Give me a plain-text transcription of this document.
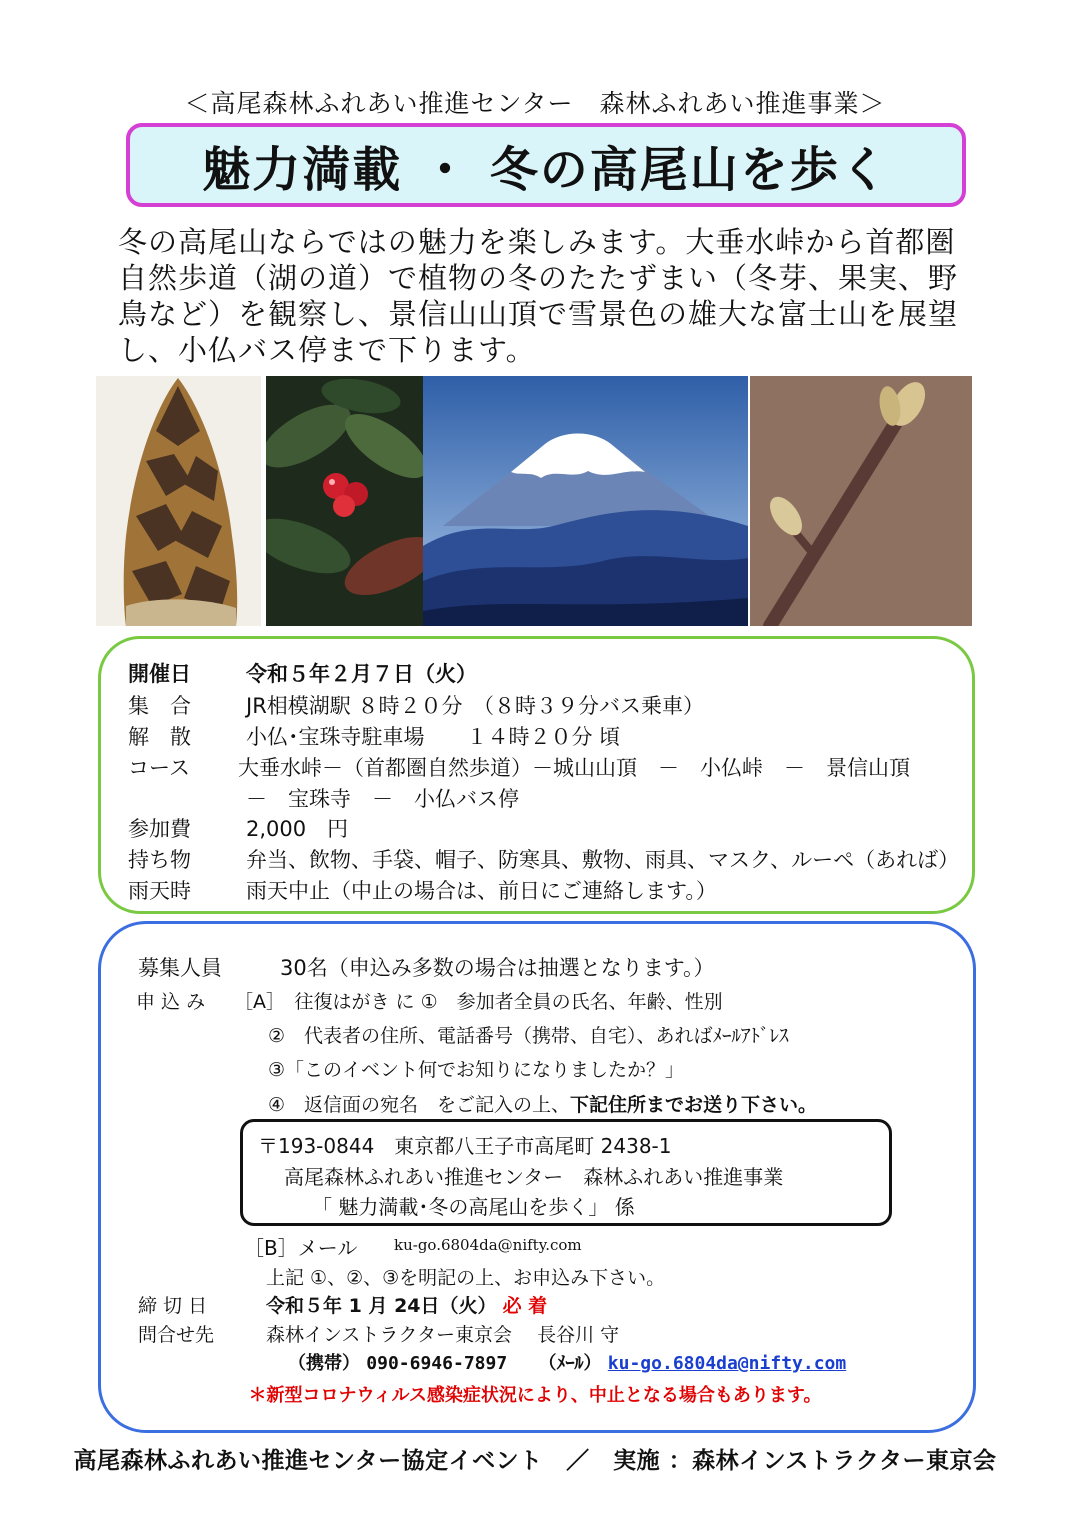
＜高尾森林ふれあい推進センター　森林ふれあい推進事業＞
魅力満載 ・ 冬の高尾山を歩く
冬の高尾山ならではの魅力を楽しみます。大垂水峠から首都圏自然歩道（湖の道）で植物の冬のたたずまい（冬芽、果実、野鳥など）を観察し、景信山山頂で雪景色の雄大な富士山を展望し、小仏バス停まで下ります。
開催日	令和５年２月７日（火）
集　合	JR相模湖駅 ８時２０分　（８時３９分バス乗車）
解　散	小仏･宝珠寺駐車場　　１４時２０分 頃
コース 大垂水峠－（首都圏自然歩道）－城山山頂　－　小仏峠　－　景信山頂
－　宝珠寺　－　小仏バス停
参加費	2,000　円
持ち物	弁当、飲物、手袋、帽子、防寒具、敷物、雨具、マスク、ルーペ（あれば）
雨天時	雨天中止（中止の場合は、前日にご連絡します。）
募集人員	30名（申込み多数の場合は抽選となります。）
申 込 み ［A］　往復はがき に ①　参加者全員の氏名、年齢、性別
②　代表者の住所、電話番号（携帯、自宅）、あればﾒｰﾙｱﾄﾞﾚｽ
③「このイベント何でお知りになりましたか？」
④　返信面の宛名　をご記入の上、下記住所までお送り下さい。
〒193-0844　東京都八王子市高尾町 2438-1
高尾森林ふれあい推進センター　森林ふれあい推進事業
「 魅力満載･冬の高尾山を歩く」 係
［B］メール ku-go.6804da@nifty.com
上記 ①、②、③を明記の上、お申込み下さい。
締 切 日	令和５年 1 月 24日（火） 必 着
問合せ先	森林インストラクター東京会　 長谷川 守
（携帯） 090-6946-7897 （ﾒｰﾙ） ku-go.6804da@nifty.com
＊新型コロナウィルス感染症状況により、中止となる場合もあります。
高尾森林ふれあい推進センター協定イベント　／　実施 ：森林インストラクター東京会
